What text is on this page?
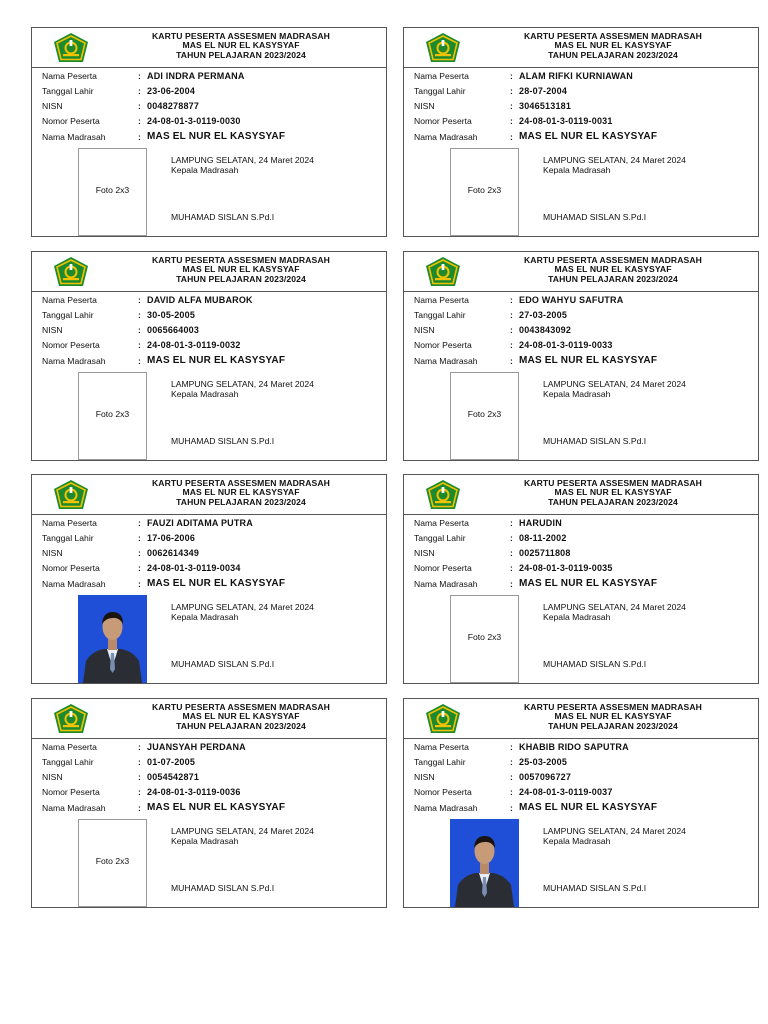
KARTU PESERTA ASSESMEN MADRASAH
MAS EL NUR EL KASYSYAF
TAHUN PELAJARAN 2023/2024
Nama Peserta	: ADI INDRA PERMANA
Tanggal Lahir	: 23-06-2004
NISN	: 0048278877
Nomor Peserta	: 24-08-01-3-0119-0030
Nama Madrasah	: MAS EL NUR EL KASYSYAF
Foto 2x3
LAMPUNG SELATAN, 24 Maret 2024
Kepala Madrasah
MUHAMAD SISLAN S.Pd.I
KARTU PESERTA ASSESMEN MADRASAH
MAS EL NUR EL KASYSYAF
TAHUN PELAJARAN 2023/2024
Nama Peserta	: ALAM RIFKI KURNIAWAN
Tanggal Lahir	: 28-07-2004
NISN	: 3046513181
Nomor Peserta	: 24-08-01-3-0119-0031
Nama Madrasah	: MAS EL NUR EL KASYSYAF
Foto 2x3
LAMPUNG SELATAN, 24 Maret 2024
Kepala Madrasah
MUHAMAD SISLAN S.Pd.I
KARTU PESERTA ASSESMEN MADRASAH
MAS EL NUR EL KASYSYAF
TAHUN PELAJARAN 2023/2024
Nama Peserta	: DAVID ALFA MUBAROK
Tanggal Lahir	: 30-05-2005
NISN	: 0065664003
Nomor Peserta	: 24-08-01-3-0119-0032
Nama Madrasah	: MAS EL NUR EL KASYSYAF
Foto 2x3
LAMPUNG SELATAN, 24 Maret 2024
Kepala Madrasah
MUHAMAD SISLAN S.Pd.I
KARTU PESERTA ASSESMEN MADRASAH
MAS EL NUR EL KASYSYAF
TAHUN PELAJARAN 2023/2024
Nama Peserta	: EDO WAHYU SAFUTRA
Tanggal Lahir	: 27-03-2005
NISN	: 0043843092
Nomor Peserta	: 24-08-01-3-0119-0033
Nama Madrasah	: MAS EL NUR EL KASYSYAF
Foto 2x3
LAMPUNG SELATAN, 24 Maret 2024
Kepala Madrasah
MUHAMAD SISLAN S.Pd.I
KARTU PESERTA ASSESMEN MADRASAH
MAS EL NUR EL KASYSYAF
TAHUN PELAJARAN 2023/2024
Nama Peserta	: FAUZI ADITAMA PUTRA
Tanggal Lahir	: 17-06-2006
NISN	: 0062614349
Nomor Peserta	: 24-08-01-3-0119-0034
Nama Madrasah	: MAS EL NUR EL KASYSYAF
LAMPUNG SELATAN, 24 Maret 2024
Kepala Madrasah
MUHAMAD SISLAN S.Pd.I
KARTU PESERTA ASSESMEN MADRASAH
MAS EL NUR EL KASYSYAF
TAHUN PELAJARAN 2023/2024
Nama Peserta	: HARUDIN
Tanggal Lahir	: 08-11-2002
NISN	: 0025711808
Nomor Peserta	: 24-08-01-3-0119-0035
Nama Madrasah	: MAS EL NUR EL KASYSYAF
Foto 2x3
LAMPUNG SELATAN, 24 Maret 2024
Kepala Madrasah
MUHAMAD SISLAN S.Pd.I
KARTU PESERTA ASSESMEN MADRASAH
MAS EL NUR EL KASYSYAF
TAHUN PELAJARAN 2023/2024
Nama Peserta	: JUANSYAH PERDANA
Tanggal Lahir	: 01-07-2005
NISN	: 0054542871
Nomor Peserta	: 24-08-01-3-0119-0036
Nama Madrasah	: MAS EL NUR EL KASYSYAF
Foto 2x3
LAMPUNG SELATAN, 24 Maret 2024
Kepala Madrasah
MUHAMAD SISLAN S.Pd.I
KARTU PESERTA ASSESMEN MADRASAH
MAS EL NUR EL KASYSYAF
TAHUN PELAJARAN 2023/2024
Nama Peserta	: KHABIB RIDO SAPUTRA
Tanggal Lahir	: 25-03-2005
NISN	: 0057096727
Nomor Peserta	: 24-08-01-3-0119-0037
Nama Madrasah	: MAS EL NUR EL KASYSYAF
LAMPUNG SELATAN, 24 Maret 2024
Kepala Madrasah
MUHAMAD SISLAN S.Pd.I
